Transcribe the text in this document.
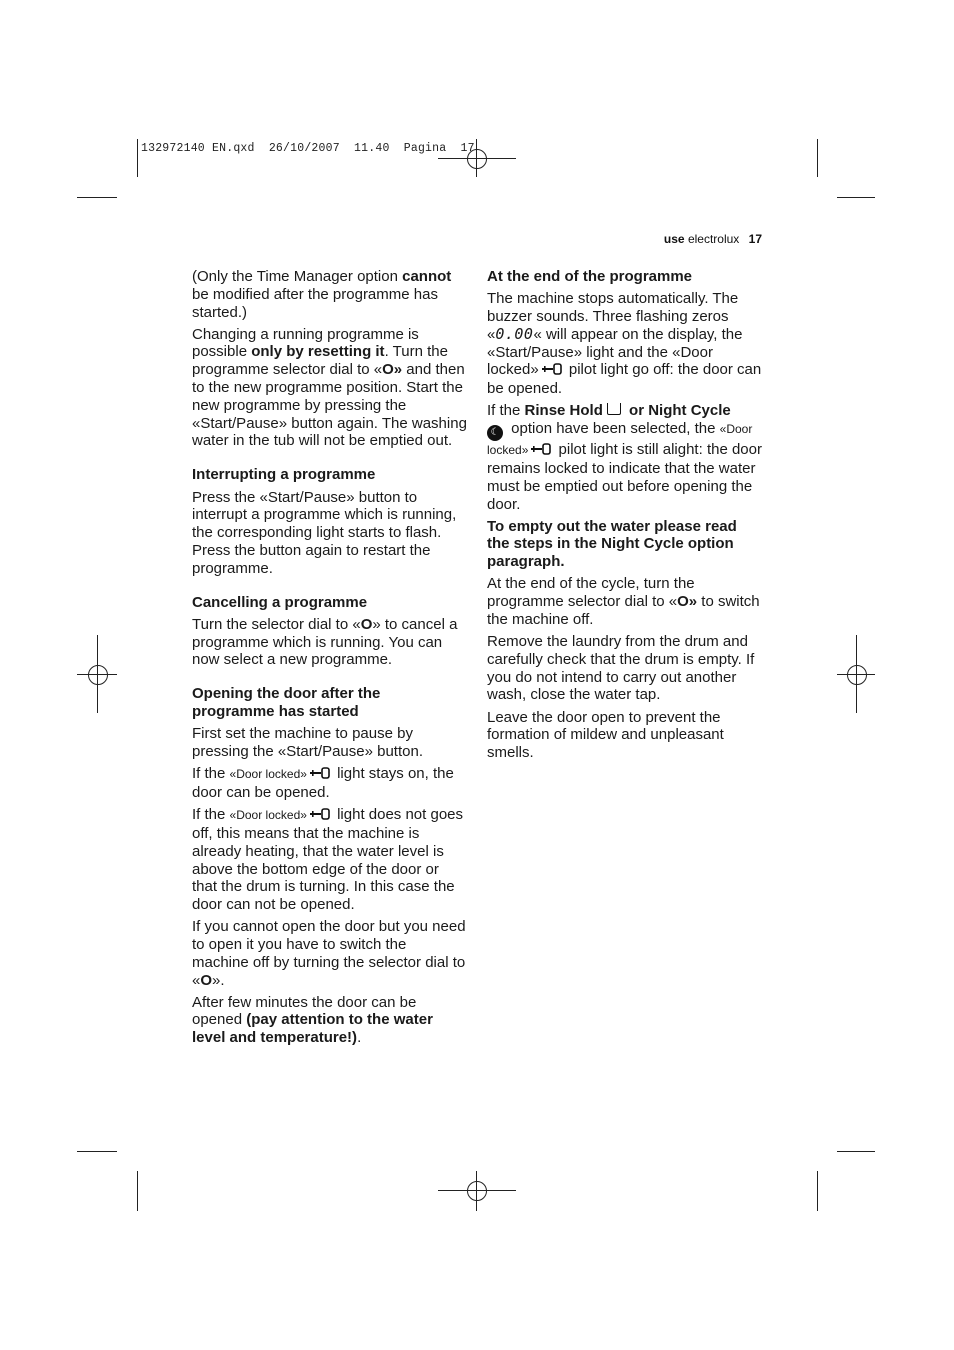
132972140 EN.qxd  26/10/2007  11.40  Pagina  17
use electrolux 17

(Only the Time Manager option cannot be modified after the programme has started.)

Changing a running programme is possible only by resetting it. Turn the programme selector dial to «O» and then to the new programme position. Start the new programme by pressing the «Start/Pause» button again. The washing water in the tub will not be emptied out.

Interrupting a programme

Press the «Start/Pause» button to interrupt a programme which is running, the corresponding light starts to flash. Press the button again to restart the programme.

Cancelling a programme

Turn the selector dial to «O» to cancel a programme which is running. You can now select a new programme.

Opening the door after the programme has started

First set the machine to pause by pressing the «Start/Pause» button.

If the «Door locked» light stays on, the door can be opened.

If the «Door locked» light does not goes off, this means that the machine is already heating, that the water level is above the bottom edge of the door or that the drum is turning. In this case the door can not be opened.

If you cannot open the door but you need to open it you have to switch the machine off by turning the selector dial to «O».

After few minutes the door can be opened (pay attention to the water level and temperature!).

At the end of the programme

The machine stops automatically. The buzzer sounds. Three flashing zeros «0.00« will appear on the display, the «Start/Pause» light and the «Door locked» pilot light go off: the door can be opened.

If the Rinse Hold or Night Cycle
☾ option have been selected, the «Door locked» pilot light is still alight: the door remains locked to indicate that the water must be emptied out before opening the door.

To empty out the water please read the steps in the Night Cycle option paragraph.

At the end of the cycle, turn the programme selector dial to «O» to switch the machine off.

Remove the laundry from the drum and carefully check that the drum is empty. If you do not intend to carry out another wash, close the water tap.

Leave the door open to prevent the formation of mildew and unpleasant smells.
